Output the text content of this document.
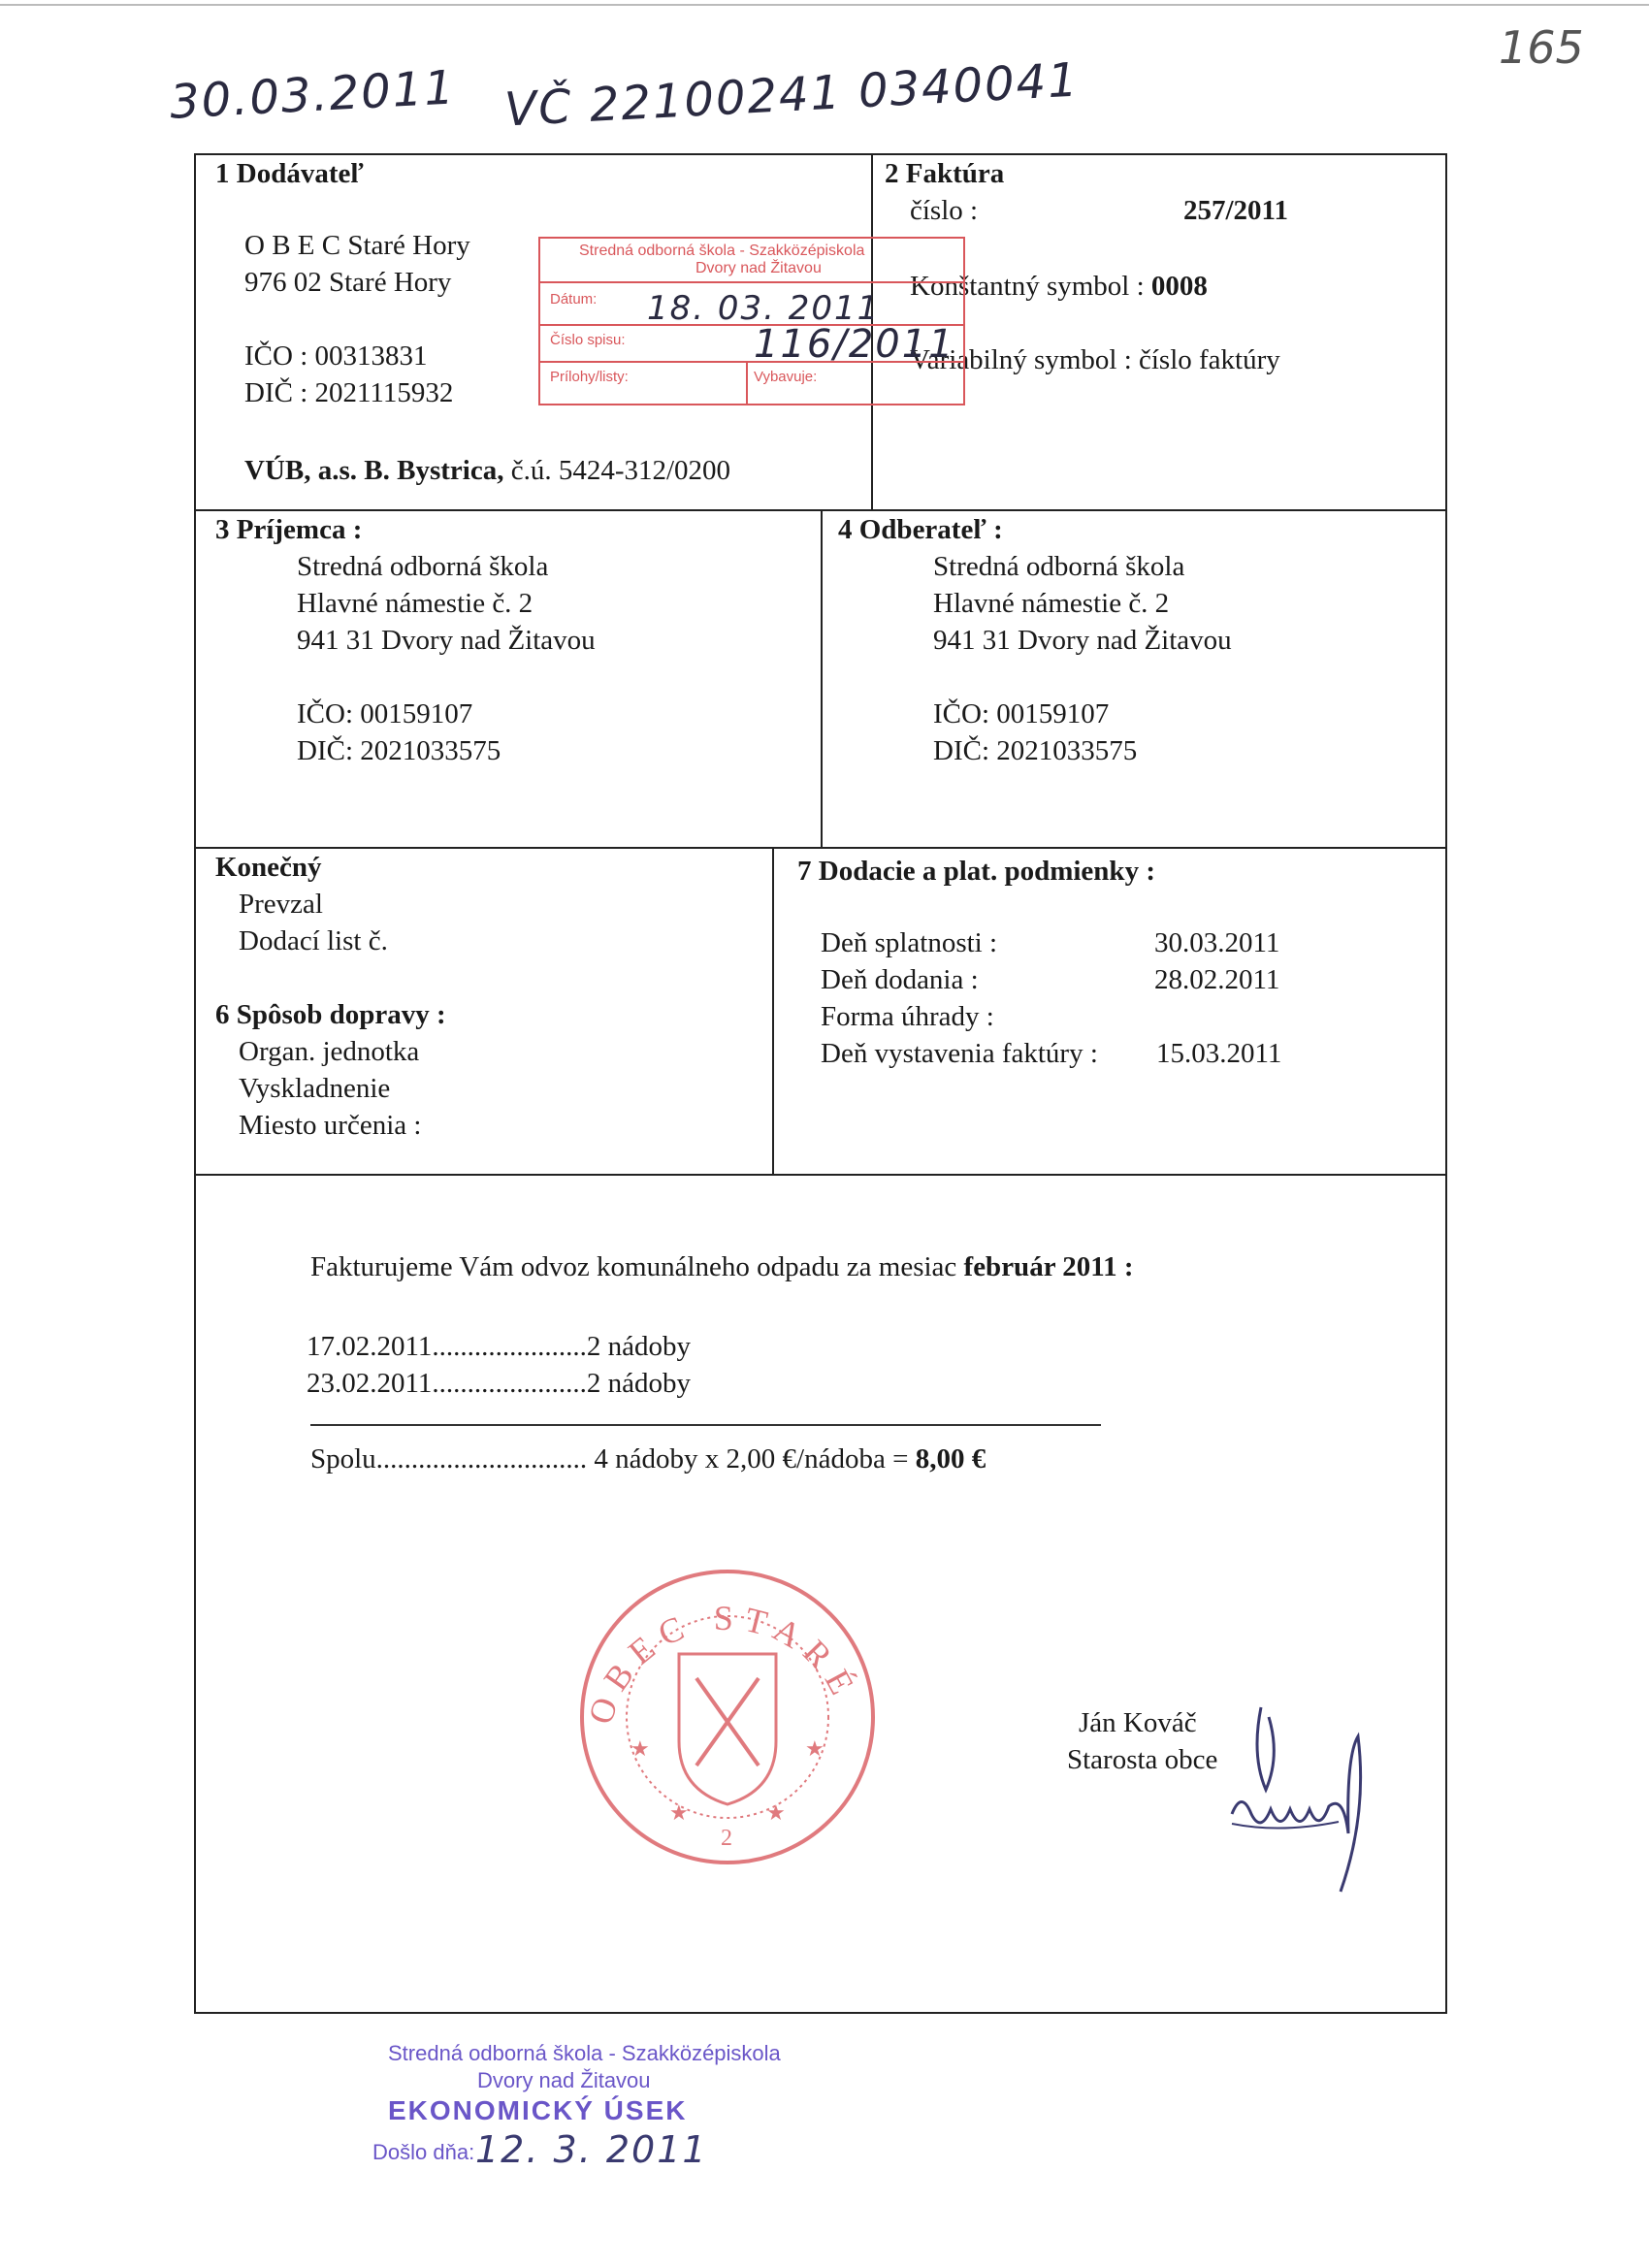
30.03.2011 VČ 22100241 0340041
165
1 Dodávateľ
O B E C Staré Hory
976 02 Staré Hory
IČO : 00313831
DIČ : 2021115932
VÚB, a.s. B. Bystrica, č.ú. 5424-312/0200
2 Faktúra
číslo :	257/2011
Konštantný symbol : 0008
Variabilný symbol : číslo faktúry
Stredná odborná škola - Szakközépiskola
Dvory nad Žitavou
Dátum: 18. 03. 2011
Číslo spisu:	116/2011
Prílohy/listy:	Vybavuje:
3 Príjemca :
Stredná odborná škola
Hlavné námestie č. 2
941 31 Dvory nad Žitavou
IČO: 00159107
DIČ: 2021033575
4 Odberateľ :
Stredná odborná škola
Hlavné námestie č. 2
941 31 Dvory nad Žitavou
IČO: 00159107
DIČ: 2021033575
Konečný
Prevzal
Dodací list č.
6 Spôsob dopravy :
Organ. jednotka
Vyskladnenie
Miesto určenia :
7 Dodacie a plat. podmienky :
Deň splatnosti :	30.03.2011
Deň dodania :	28.02.2011
Forma úhrady :
Deň vystavenia faktúry : 15.03.2011
Fakturujeme Vám odvoz komunálneho odpadu za mesiac február 2011 :
17.02.2011......................2 nádoby
23.02.2011......................2 nádoby
Spolu.............................. 4 nádoby x 2,00 €/nádoba = 8,00 €
OBEC STARÉ
★	★
★	★
2
Ján Kováč
Starosta obce
Stredná odborná škola - Szakközépiskola
Dvory nad Žitavou
EKONOMICKÝ ÚSEK
Došlo dňa: 12. 3. 2011
